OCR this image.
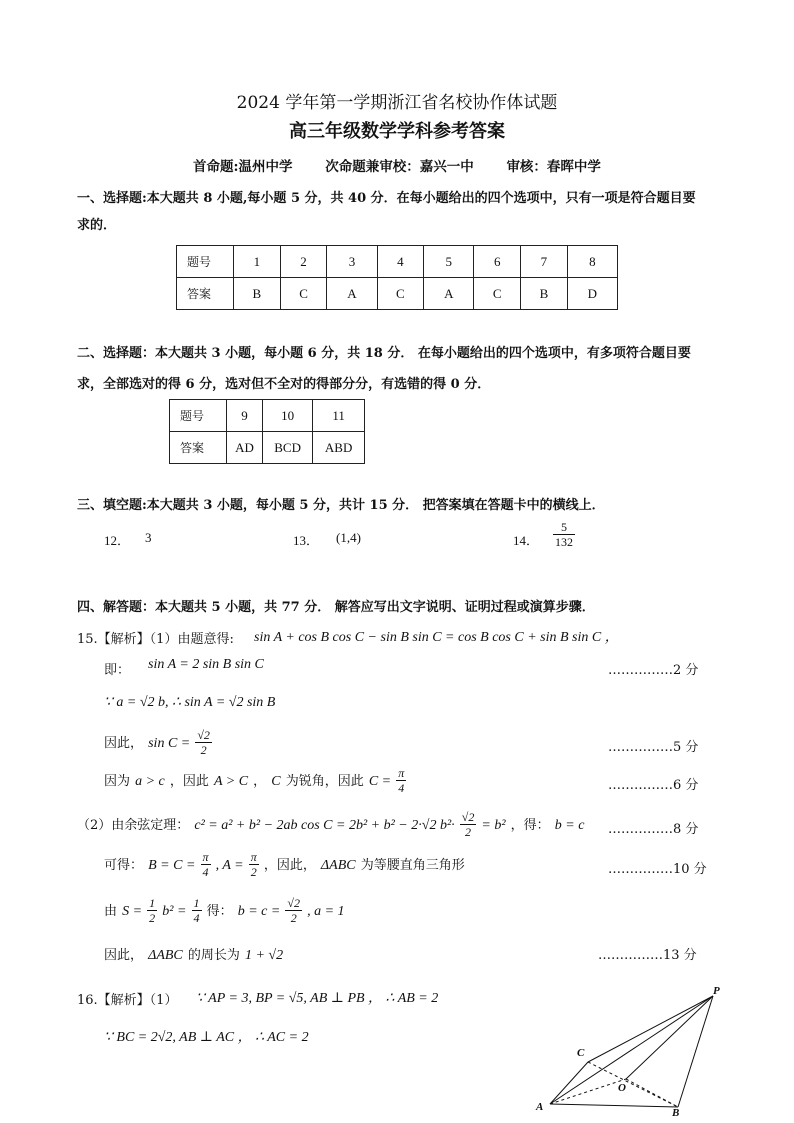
2024 学年第一学期浙江省名校协作体试题
高三年级数学学科参考答案
首命题:温州中学 次命题兼审校：嘉兴一中 审核：春晖中学
一、选择题:本大题共 8 小题,每小题 5 分，共 40 分．在每小题给出的四个选项中，只有一项是符合题目要
求的．
题号	1	2	3	4	5	6	7	8
答案	B	C	A	C	A	C	B	D
二、选择题：本大题共 3 小题，每小题 6 分，共 18 分． 在每小题给出的四个选项中，有多项符合题目要
求，全部选对的得 6 分，选对但不全对的得部分分，有选错的得 0 分．
题号	9	10	11
答案	AD	BCD	ABD
三、填空题:本大题共 3 小题，每小题 5 分，共计 15 分． 把答案填在答题卡中的横线上．
12． 3	13． (1,4)	14． $\frac{5}{132}$
四、解答题：本大题共 5 小题，共 77 分． 解答应写出文字说明、证明过程或演算步骤．
15.【解析】（1）由题意得: sin A + cos B cos C − sin B sin C = cos B cos C + sin B sin C ，
即： sin A = 2 sin B sin C	……………2 分
∵ a = √2 b, ∴ sin A = √2 sin B
因此， $\sin C = \frac{√2}{2}$	……………5 分
因为 a > c ，因此 A > C ， C 为锐角，因此 $C = \frac{\pi}{4}$	……………6 分
（2）由余弦定理： c² = a² + b² − 2ab cos C = 2b² + b² − 2·√2 $b^2\cdot \frac{√2}{2} = b^2$ ，得： b = c ……………8 分
可得： $B = C = \frac{\pi}{4}$ , $A = \frac{\pi}{2}$ ，因此， ΔABC 为等腰直角三角形	……………10 分
由 $S = \frac{1}{2} b^2 = \frac{1}{4}$ 得： $b = c = \frac{√2}{2}$ , a = 1
因此， ΔABC 的周长为 1 + √2	……………13 分
16.【解析】（1） ∵ AP = 3, BP = √5, AB ⊥ PB ， ∴ AB = 2
∵ BC = 2√2, AB ⊥ AC ， ∴ AC = 2
P
C
O
A	B
